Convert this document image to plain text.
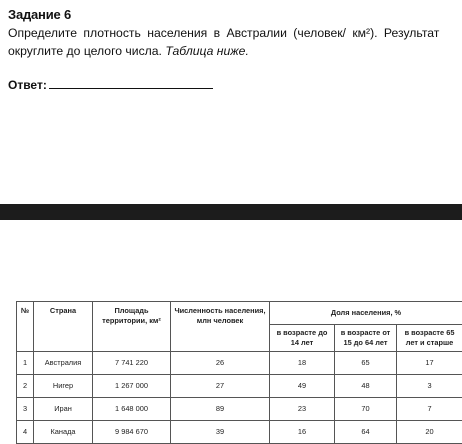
Задание 6
Определите плотность населения в Австралии (человек/ км²). Результат
округлите до целого числа. Таблица ниже.
Ответ:
№	Страна	Площадь территории, км²	Численность населения, млн человек	Доля населения, %		
				в возрасте до 14 лет	в возрасте от 15 до 64 лет	в возрасте 65 лет и старше
1	Австралия	7 741 220	26	18	65	17
2	Нигер	1 267 000	27	49	48	3
3	Иран	1 648 000	89	23	70	7
4	Канада	9 984 670	39	16	64	20
